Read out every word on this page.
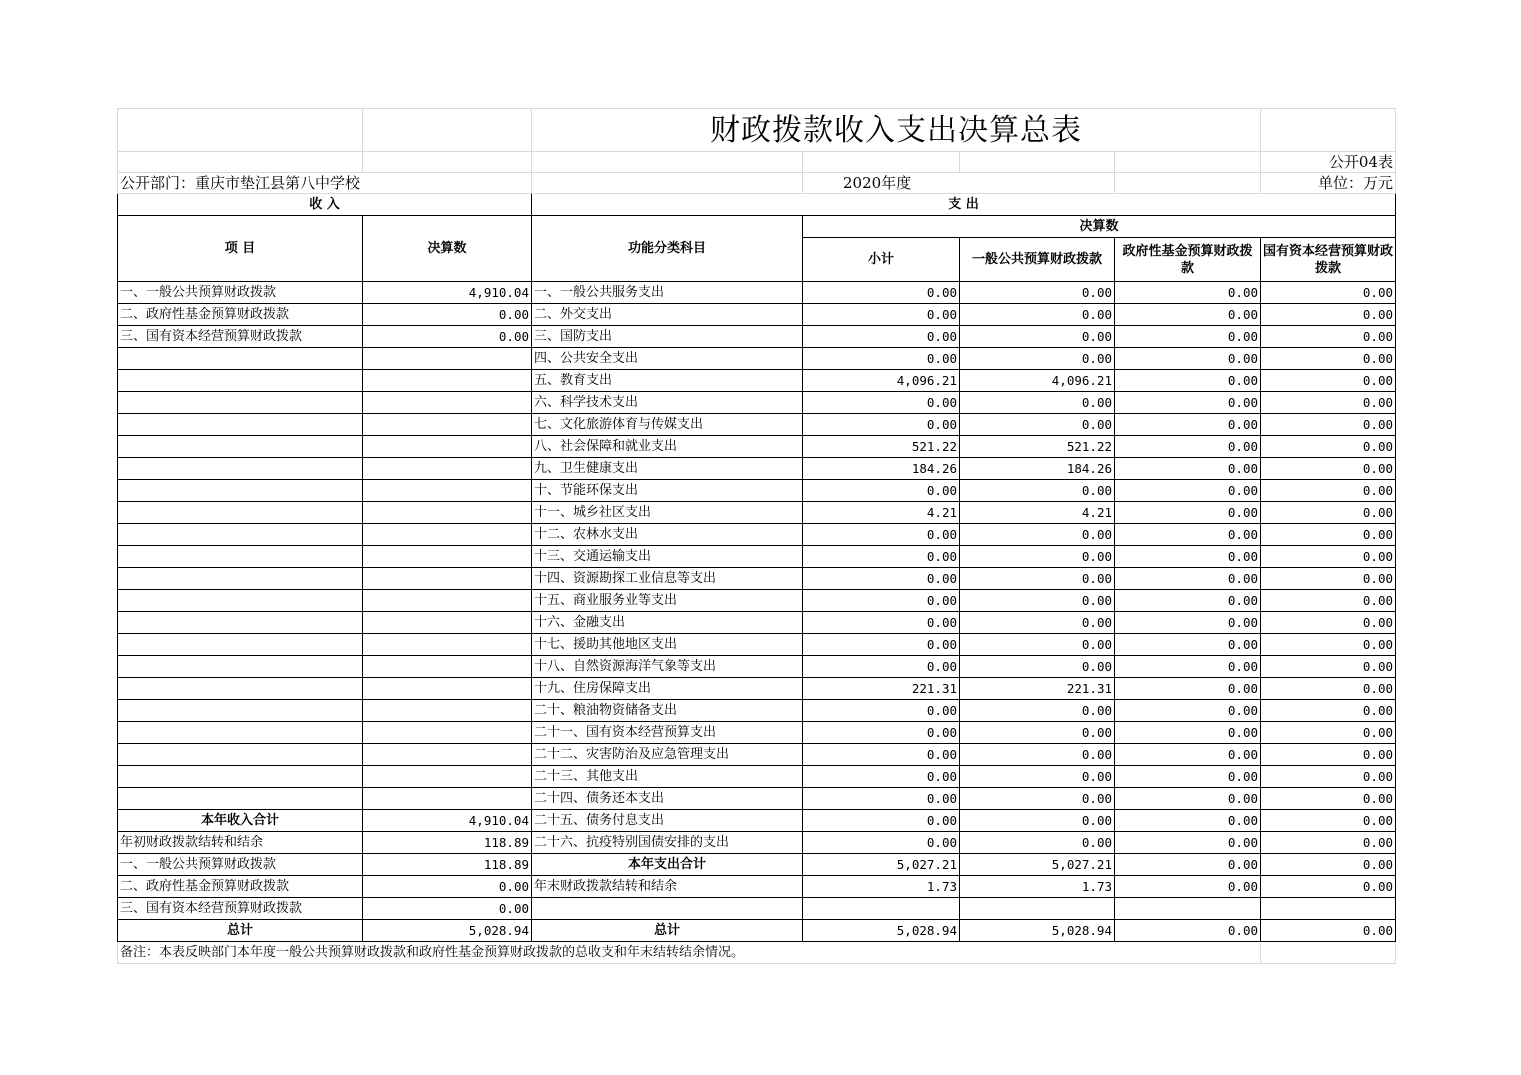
		财政拨款收入支出决算总表				
						公开04表
公开部门：重庆市垫江县第八中学校			2020年度			单位：万元
收 入		支 出				
项 目	决算数	功能分类科目	决算数			
			小计	一般公共预算财政拨款	政府性基金预算财政拨款	国有资本经营预算财政拨款
一、一般公共预算财政拨款	4,910.04	一、一般公共服务支出	0.00	0.00	0.00	0.00
二、政府性基金预算财政拨款	0.00	二、外交支出	0.00	0.00	0.00	0.00
三、国有资本经营预算财政拨款	0.00	三、国防支出	0.00	0.00	0.00	0.00
		四、公共安全支出	0.00	0.00	0.00	0.00
		五、教育支出	4,096.21	4,096.21	0.00	0.00
		六、科学技术支出	0.00	0.00	0.00	0.00
		七、文化旅游体育与传媒支出	0.00	0.00	0.00	0.00
		八、社会保障和就业支出	521.22	521.22	0.00	0.00
		九、卫生健康支出	184.26	184.26	0.00	0.00
		十、节能环保支出	0.00	0.00	0.00	0.00
		十一、城乡社区支出	4.21	4.21	0.00	0.00
		十二、农林水支出	0.00	0.00	0.00	0.00
		十三、交通运输支出	0.00	0.00	0.00	0.00
		十四、资源勘探工业信息等支出	0.00	0.00	0.00	0.00
		十五、商业服务业等支出	0.00	0.00	0.00	0.00
		十六、金融支出	0.00	0.00	0.00	0.00
		十七、援助其他地区支出	0.00	0.00	0.00	0.00
		十八、自然资源海洋气象等支出	0.00	0.00	0.00	0.00
		十九、住房保障支出	221.31	221.31	0.00	0.00
		二十、粮油物资储备支出	0.00	0.00	0.00	0.00
		二十一、国有资本经营预算支出	0.00	0.00	0.00	0.00
		二十二、灾害防治及应急管理支出	0.00	0.00	0.00	0.00
		二十三、其他支出	0.00	0.00	0.00	0.00
		二十四、债务还本支出	0.00	0.00	0.00	0.00
本年收入合计	4,910.04	二十五、债务付息支出	0.00	0.00	0.00	0.00
年初财政拨款结转和结余	118.89	二十六、抗疫特别国债安排的支出	0.00	0.00	0.00	0.00
一、一般公共预算财政拨款	118.89	本年支出合计	5,027.21	5,027.21	0.00	0.00
二、政府性基金预算财政拨款	0.00	年末财政拨款结转和结余	1.73	1.73	0.00	0.00
三、国有资本经营预算财政拨款	0.00					
总计	5,028.94	总计	5,028.94	5,028.94	0.00	0.00
备注：本表反映部门本年度一般公共预算财政拨款和政府性基金预算财政拨款的总收支和年末结转结余情况。						
